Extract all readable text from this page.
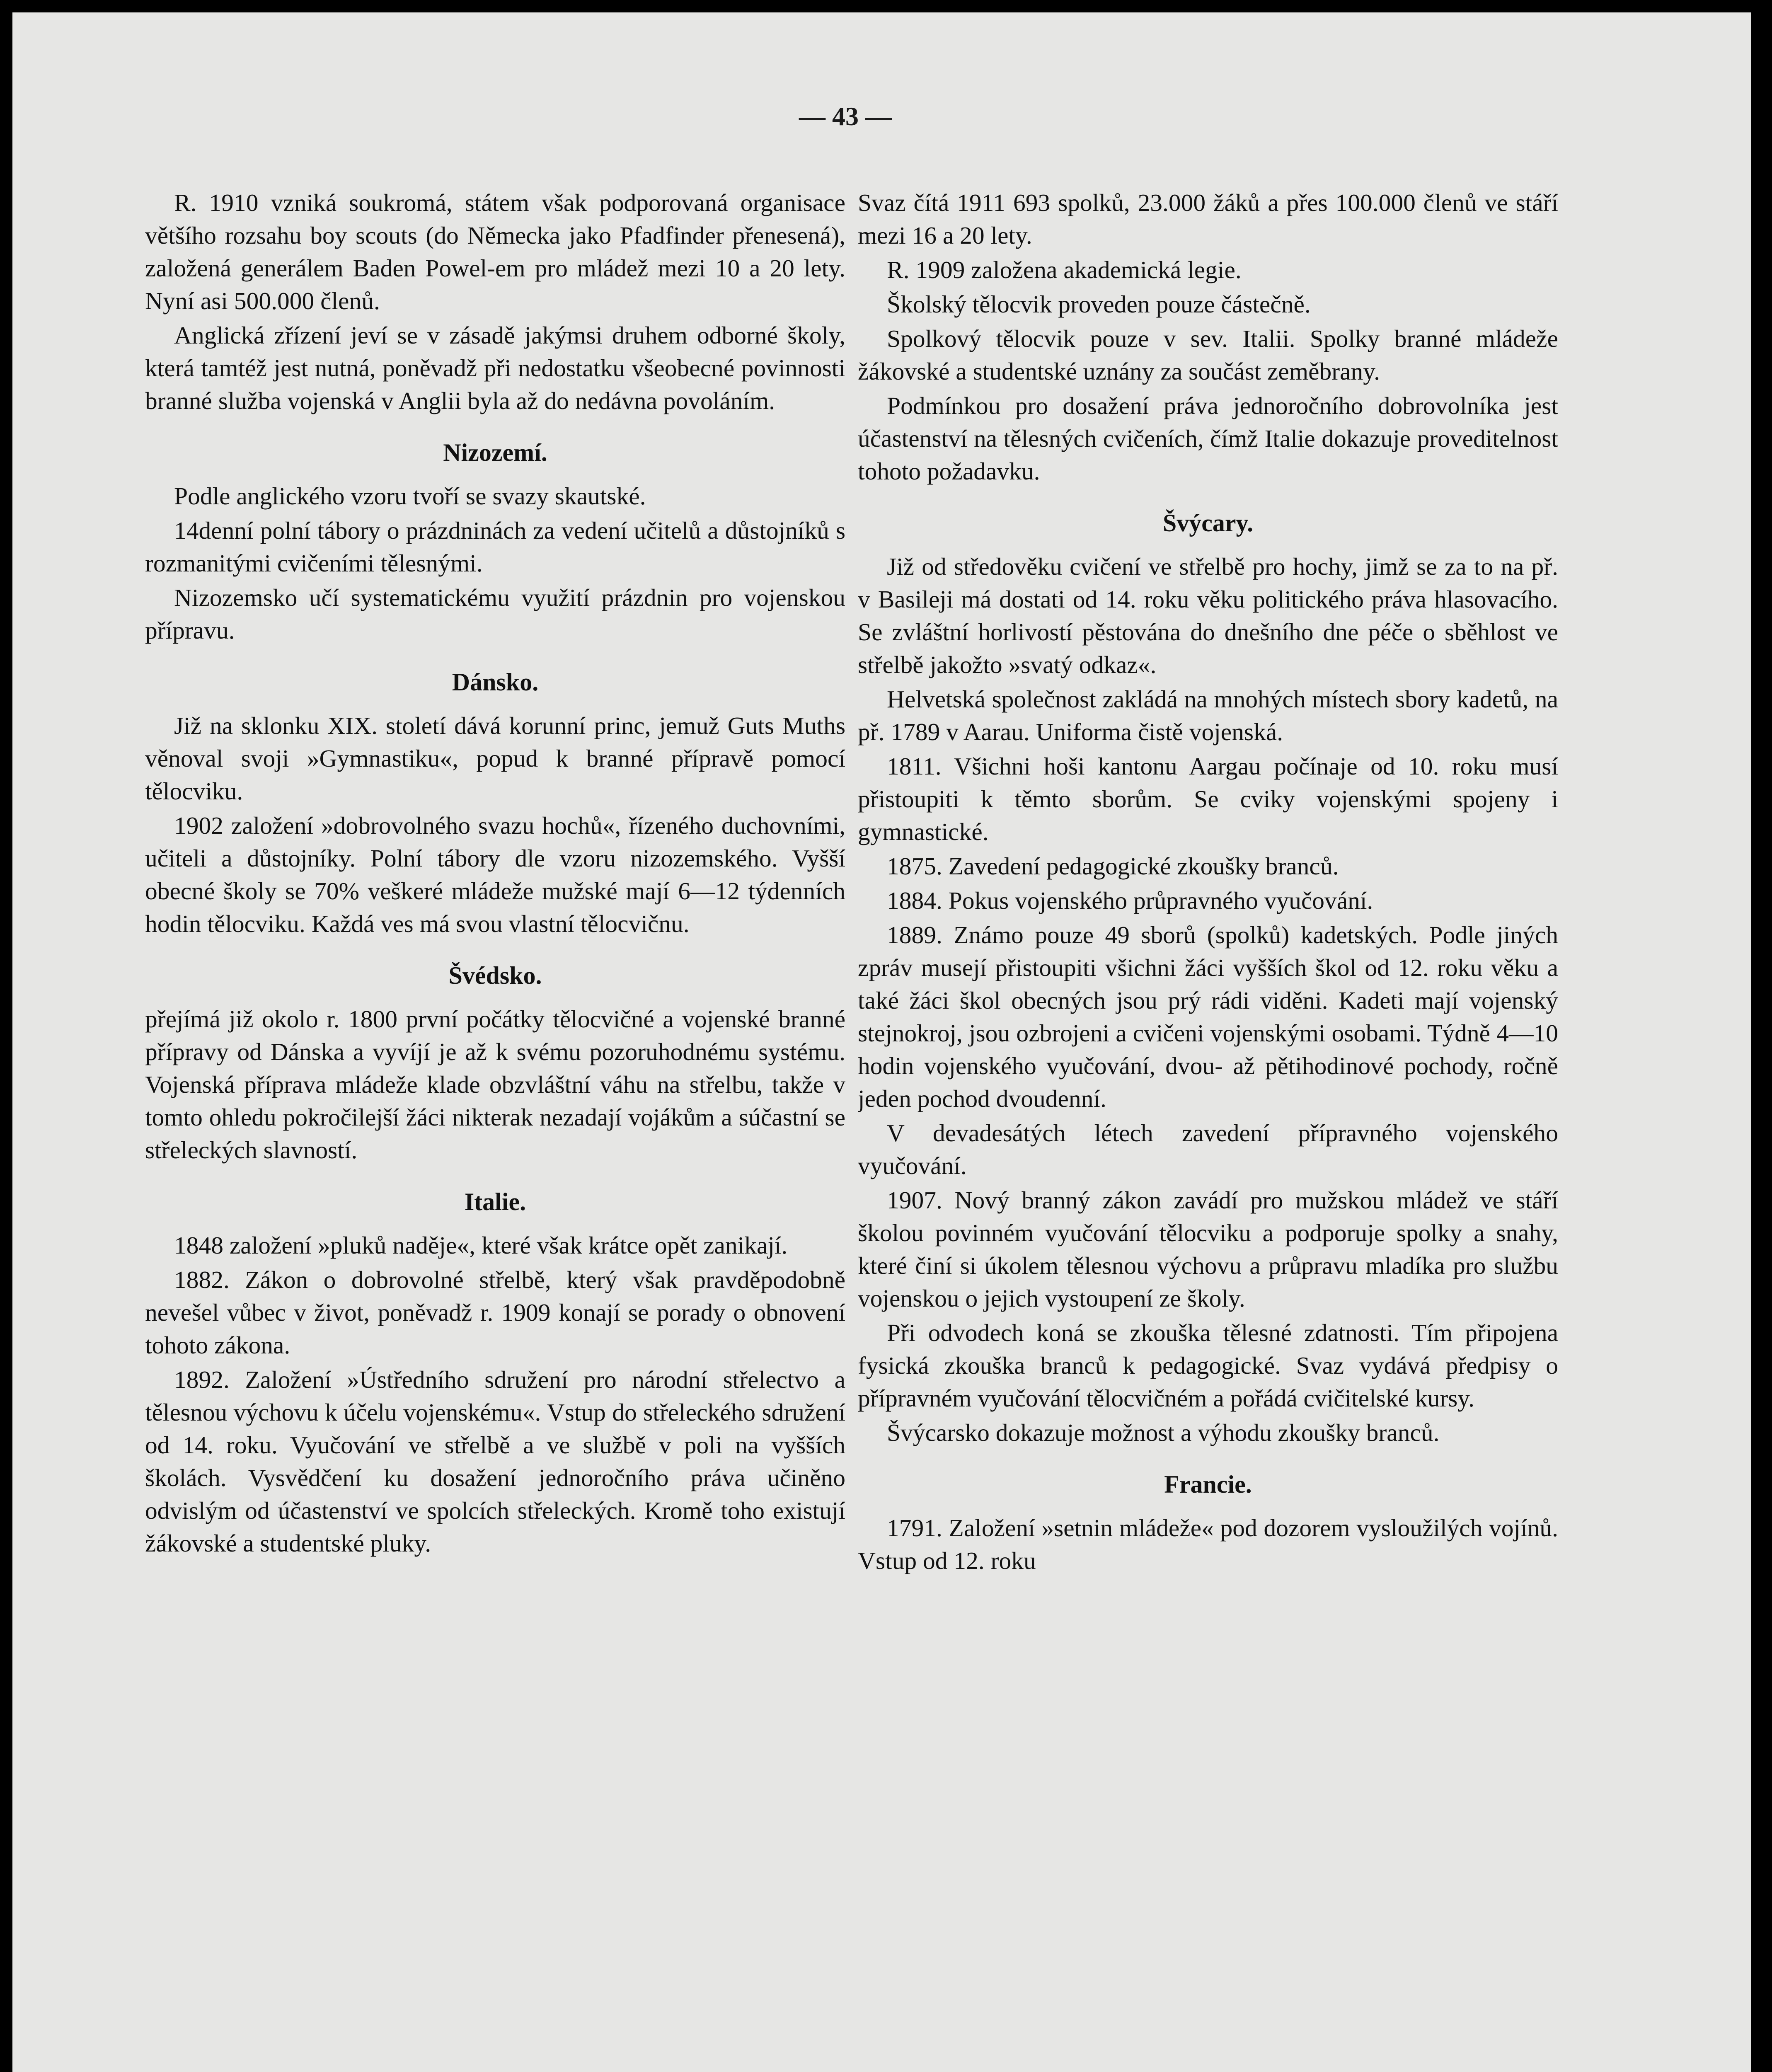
— 43 —

R. 1910 vzniká soukromá, státem však podporovaná organisace většího rozsahu boy scouts (do Německa jako Pfadfinder přenesená), založená generálem Baden Powel-em pro mládež mezi 10 a 20 lety. Nyní asi 500.000 členů.

Anglická zřízení jeví se v zásadě jakýmsi druhem odborné školy, která tamtéž jest nutná, poněvadž při nedostatku všeobecné povinnosti branné služba vojenská v Anglii byla až do nedávna povoláním.

Nizozemí.

Podle anglického vzoru tvoří se svazy skautské.

14denní polní tábory o prázdninách za vedení učitelů a důstojníků s rozmanitými cvičeními tělesnými.

Nizozemsko učí systematickému využití prázdnin pro vojenskou přípravu.

Dánsko.

Již na sklonku XIX. století dává korunní princ, jemuž Guts Muths věnoval svoji »Gymnastiku«, popud k branné přípravě pomocí tělocviku.

1902 založení »dobrovolného svazu hochů«, řízeného duchovními, učiteli a důstojníky. Polní tábory dle vzoru nizozemského. Vyšší obecné školy se 70% veškeré mládeže mužské mají 6—12 týdenních hodin tělocviku. Každá ves má svou vlastní tělocvičnu.

Švédsko.

přejímá již okolo r. 1800 první počátky tělocvičné a vojenské branné přípravy od Dánska a vyvíjí je až k svému pozoruhodnému systému. Vojenská příprava mládeže klade obzvláštní váhu na střelbu, takže v tomto ohledu pokročilejší žáci nikterak nezadají vojákům a súčastní se střeleckých slavností.

Italie.

1848 založení »pluků naděje«, které však krátce opět zanikají.

1882. Zákon o dobrovolné střelbě, který však pravděpodobně nevešel vůbec v život, poněvadž r. 1909 konají se porady o obnovení tohoto zákona.

1892. Založení »Ústředního sdružení pro národní střelectvo a tělesnou výchovu k účelu vojenskému«. Vstup do střeleckého sdružení od 14. roku. Vyučování ve střelbě a ve službě v poli na vyšších školách. Vysvědčení ku dosažení jednoročního práva učiněno odvislým od účastenství ve spolcích střeleckých. Kromě toho existují žákovské a studentské pluky.

Svaz čítá 1911 693 spolků, 23.000 žáků a přes 100.000 členů ve stáří mezi 16 a 20 lety.

R. 1909 založena akademická legie.

Školský tělocvik proveden pouze částečně.

Spolkový tělocvik pouze v sev. Italii. Spolky branné mládeže žákovské a studentské uznány za součást zeměbrany.

Podmínkou pro dosažení práva jednoročního dobrovolníka jest účastenství na tělesných cvičeních, čímž Italie dokazuje proveditelnost tohoto požadavku.

Švýcary.

Již od středověku cvičení ve střelbě pro hochy, jimž se za to na př. v Basileji má dostati od 14. roku věku politického práva hlasovacího. Se zvláštní horlivostí pěstována do dnešního dne péče o sběhlost ve střelbě jakožto »svatý odkaz«.

Helvetská společnost zakládá na mnohých místech sbory kadetů, na př. 1789 v Aarau. Uniforma čistě vojenská.

1811. Všichni hoši kantonu Aargau počínaje od 10. roku musí přistoupiti k těmto sborům. Se cviky vojenskými spojeny i gymnastické.

1875. Zavedení pedagogické zkoušky branců.

1884. Pokus vojenského průpravného vyučování.

1889. Známo pouze 49 sborů (spolků) kadetských. Podle jiných zpráv musejí přistoupiti všichni žáci vyšších škol od 12. roku věku a také žáci škol obecných jsou prý rádi viděni. Kadeti mají vojenský stejnokroj, jsou ozbrojeni a cvičeni vojenskými osobami. Týdně 4—10 hodin vojenského vyučování, dvou- až pětihodinové pochody, ročně jeden pochod dvoudenní.

V devadesátých létech zavedení přípravného vojenského vyučování.

1907. Nový branný zákon zavádí pro mužskou mládež ve stáří školou povinném vyučování tělocviku a podporuje spolky a snahy, které činí si úkolem tělesnou výchovu a průpravu mladíka pro službu vojenskou o jejich vystoupení ze školy.

Při odvodech koná se zkouška tělesné zdatnosti. Tím připojena fysická zkouška branců k pedagogické. Svaz vydává předpisy o přípravném vyučování tělocvičném a pořádá cvičitelské kursy.

Švýcarsko dokazuje možnost a výhodu zkoušky branců.

Francie.

1791. Založení »setnin mládeže« pod dozorem vysloužilých vojínů. Vstup od 12. roku
